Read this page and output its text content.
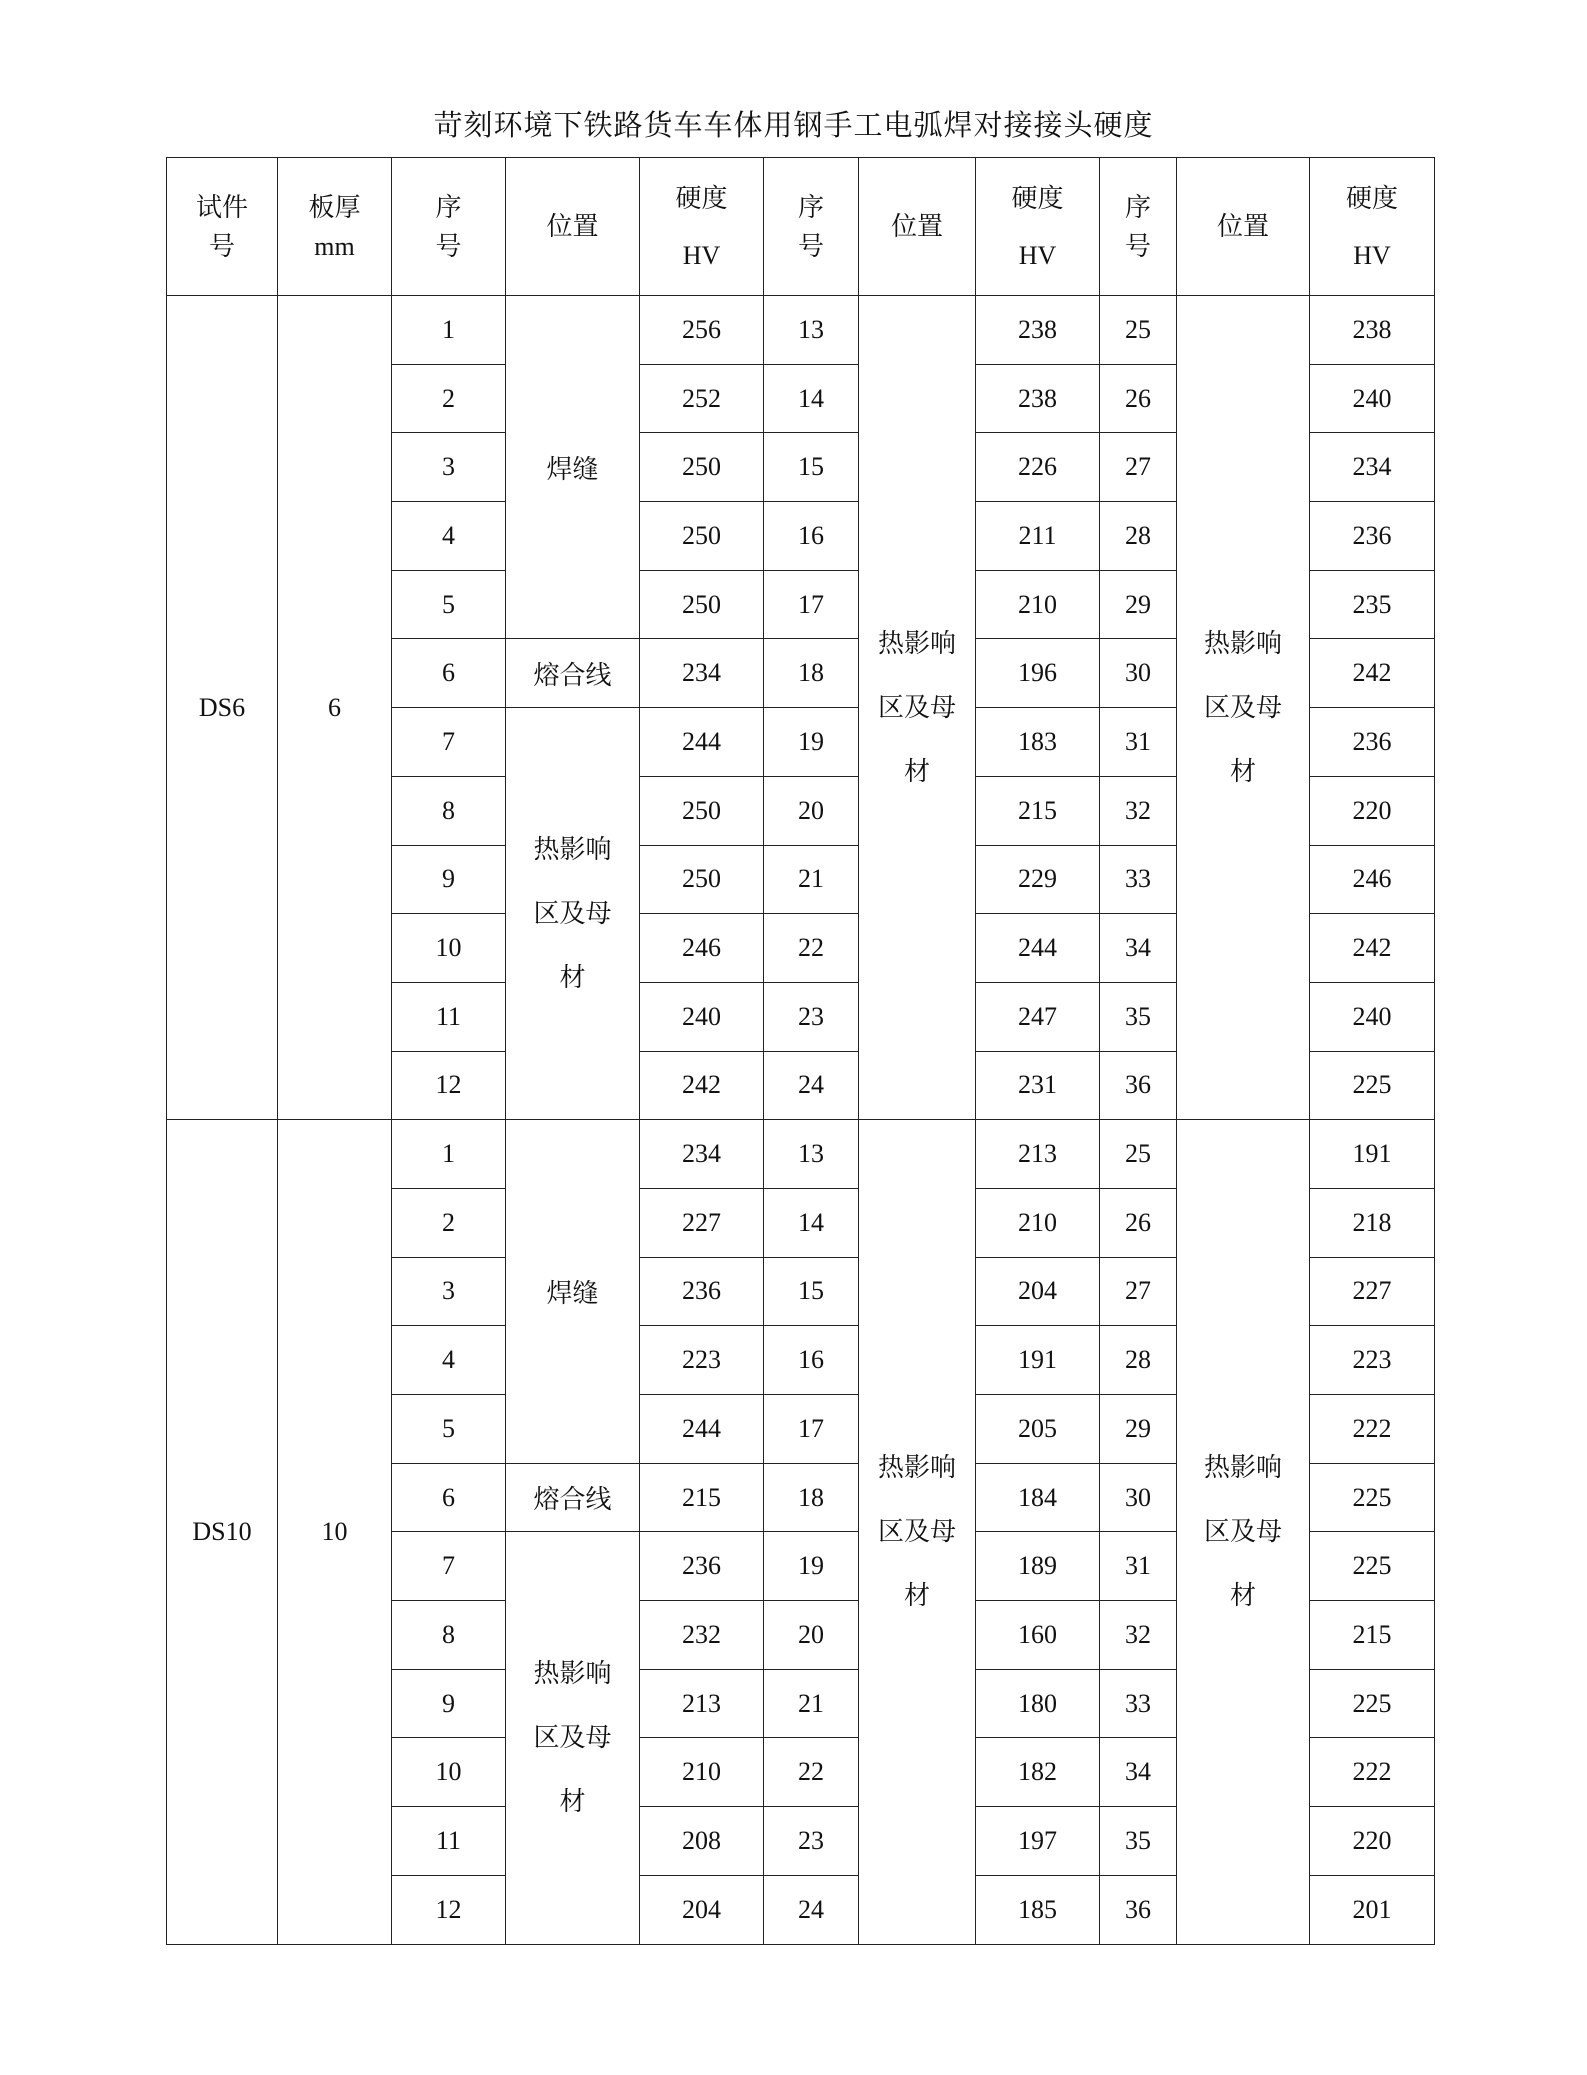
苛刻环境下铁路货车车体用钢手工电弧焊对接接头硬度
试件
号	板厚
mm	序
号	位置	硬度
HV	序
号	位置	硬度
HV	序
号	位置	硬度
HV

DS6	6	1	焊缝	256	13	热影响
区及母
材	238	25	热影响
区及母
材	238
		2		252	14		238	26		240
		3		250	15		226	27		234
		4		250	16		211	28		236
		5		250	17		210	29		235
		6	熔合线	234	18		196	30		242
		7	热影响
区及母
材	244	19		183	31		236
		8		250	20		215	32		220
		9		250	21		229	33		246
		10		246	22		244	34		242
		11		240	23		247	35		240
		12		242	24		231	36		225
DS10	10	1	焊缝	234	13	热影响
区及母
材	213	25	热影响
区及母
材	191
		2		227	14		210	26		218
		3		236	15		204	27		227
		4		223	16		191	28		223
		5		244	17		205	29		222
		6	熔合线	215	18		184	30		225
		7	热影响
区及母
材	236	19		189	31		225
		8		232	20		160	32		215
		9		213	21		180	33		225
		10		210	22		182	34		222
		11		208	23		197	35		220
		12		204	24		185	36		201
